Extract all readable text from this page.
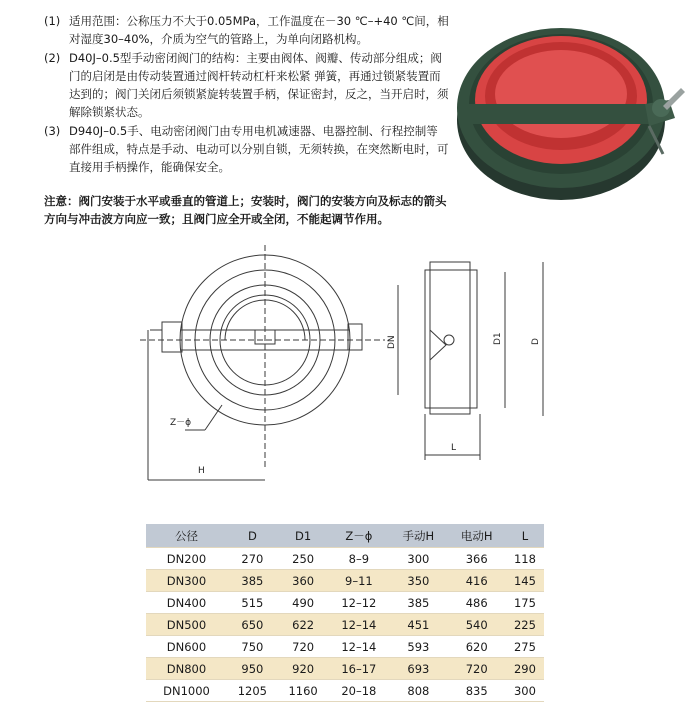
(1) 适用范围：公称压力不大于0.05MPa，工作温度在－30 ℃–+40 ℃间，相对湿度30–40%，介质为空气的管路上，为单向闭路机构。
(2) D40J–0.5型手动密闭阀门的结构：主要由阀体、阀瓣、传动部分组成；阀门的启闭是由传动装置通过阀杆转动杠杆来松紧 弹簧，再通过锁紧装置而达到的；阀门关闭后须锁紧旋转装置手柄，保证密封，反之，当开启时，须解除锁紧状态。
(3) D940J–0.5手、电动密闭阀门由专用电机减速器、电器控制、行程控制等部件组成，特点是手动、电动可以分别自锁，无须转换，在突然断电时，可直接用手柄操作，能确保安全。
注意：阀门安装于水平或垂直的管道上；安装时，阀门的安装方向及标志的箭头方向与冲击波方向应一致；且阀门应全开或全闭，不能起调节作用。
Z－ϕ
H
DN	D1	D
L
公径	D	D1	Z－ϕ	手动H	电动H	L
DN200	270	250	8–9	300	366	118
DN300	385	360	9–11	350	416	145
DN400	515	490	12–12	385	486	175
DN500	650	622	12–14	451	540	225
DN600	750	720	12–14	593	620	275
DN800	950	920	16–17	693	720	290
DN1000	1205	1160	20–18	808	835	300
